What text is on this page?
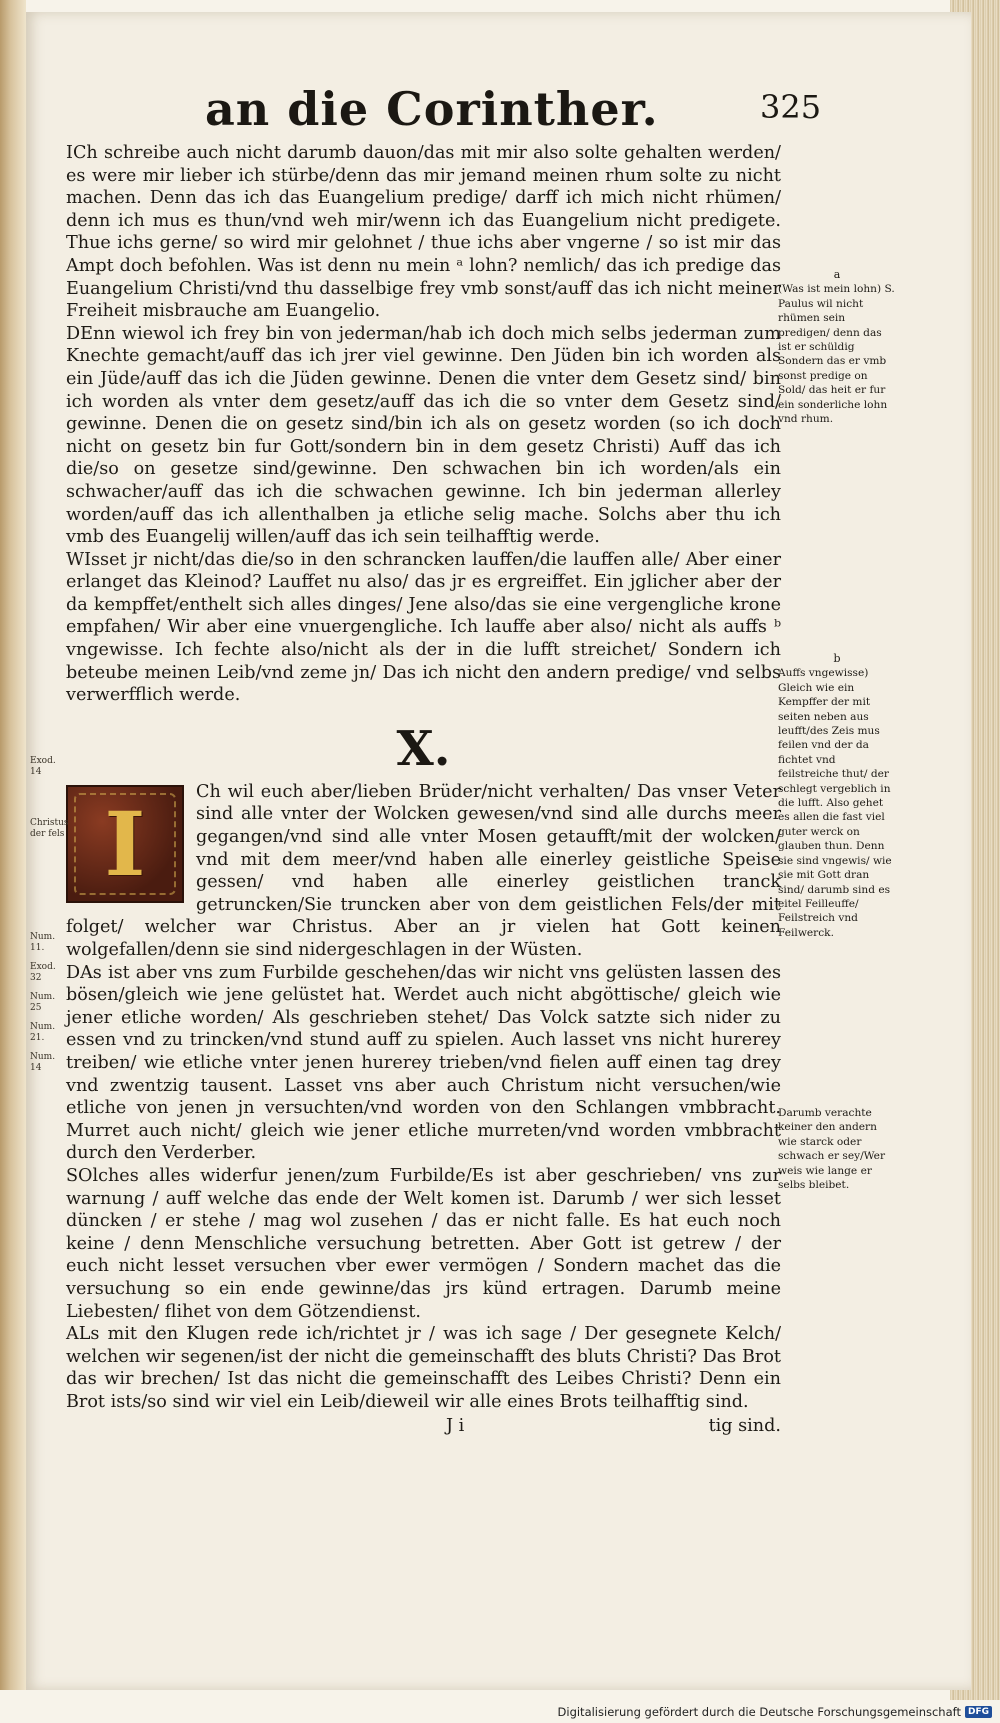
an die Corinther.	325

ICh schreibe auch nicht darumb dauon/das mit mir also solte gehalten werden/ es were mir lieber ich stürbe/denn das mir jemand meinen rhum solte zu nicht machen. Denn das ich das Euangelium predige/ darff ich mich nicht rhümen/ denn ich mus es thun/vnd weh mir/wenn ich das Euangelium nicht predigete. Thue ichs gerne/ so wird mir gelohnet / thue ichs aber vngerne / so ist mir das Ampt doch befohlen. Was ist denn nu mein ᵃ lohn? nemlich/ das ich predige das Euangelium Christi/vnd thu dasselbige frey vmb sonst/auff das ich nicht meiner Freiheit misbrauche am Euangelio.

DEnn wiewol ich frey bin von jederman/hab ich doch mich selbs jederman zum Knechte gemacht/auff das ich jrer viel gewinne. Den Jüden bin ich worden als ein Jüde/auff das ich die Jüden gewinne. Denen die vnter dem Gesetz sind/ bin ich worden als vnter dem gesetz/auff das ich die so vnter dem Gesetz sind/ gewinne. Denen die on gesetz sind/bin ich als on gesetz worden (so ich doch nicht on gesetz bin fur Gott/sondern bin in dem gesetz Christi) Auff das ich die/so on gesetze sind/gewinne. Den schwachen bin ich worden/als ein schwacher/auff das ich die schwachen gewinne. Ich bin jederman allerley worden/auff das ich allenthalben ja etliche selig mache. Solchs aber thu ich vmb des Euangelij willen/auff das ich sein teilhafftig werde.

WIsset jr nicht/das die/so in den schrancken lauffen/die lauffen alle/ Aber einer erlanget das Kleinod? Lauffet nu also/ das jr es ergreiffet. Ein jglicher aber der da kempffet/enthelt sich alles dinges/ Jene also/das sie eine vergengliche krone empfahen/ Wir aber eine vnuergengliche. Ich lauffe aber also/ nicht als auffs ᵇ vngewisse. Ich fechte also/nicht als der in die lufft streichet/ Sondern ich beteube meinen Leib/vnd zeme jn/ Das ich nicht den andern predige/ vnd selbs verwerfflich werde.

X.
I	Ch wil euch aber/lieben Brüder/nicht verhalten/ Das vnser Veter sind alle vnter der Wolcken gewesen/vnd sind alle durchs meer gegangen/vnd sind alle vnter Mosen getaufft/mit der wolcken/ vnd mit dem meer/vnd haben alle einerley geistliche Speise gessen/ vnd haben alle einerley geistlichen tranck getruncken/Sie truncken aber von dem geistlichen Fels/der mit folget/ welcher war Christus. Aber an jr vielen hat Gott keinen wolgefallen/denn sie sind nidergeschlagen in der Wüsten.

DAs ist aber vns zum Furbilde geschehen/das wir nicht vns gelüsten lassen des bösen/gleich wie jene gelüstet hat. Werdet auch nicht abgöttische/ gleich wie jener etliche worden/ Als geschrieben stehet/ Das Volck satzte sich nider zu essen vnd zu trincken/vnd stund auff zu spielen. Auch lasset vns nicht hurerey treiben/ wie etliche vnter jenen hurerey trieben/vnd fielen auff einen tag drey vnd zwentzig tausent. Lasset vns aber auch Christum nicht versuchen/wie etliche von jenen jn versuchten/vnd worden von den Schlangen vmbbracht. Murret auch nicht/ gleich wie jener etliche murreten/vnd worden vmbbracht durch den Verderber.

SOlches alles widerfur jenen/zum Furbilde/Es ist aber geschrieben/ vns zur warnung / auff welche das ende der Welt komen ist. Darumb / wer sich lesset düncken / er stehe / mag wol zusehen / das er nicht falle. Es hat euch noch keine / denn Menschliche versuchung betretten. Aber Gott ist getrew / der euch nicht lesset versuchen vber ewer vermögen / Sondern machet das die versuchung so ein ende gewinne/das jrs künd ertragen. Darumb meine Liebesten/ flihet von dem Götzendienst.

ALs mit den Klugen rede ich/richtet jr / was ich sage / Der gesegnete Kelch/ welchen wir segenen/ist der nicht die gemeinschafft des bluts Christi? Das Brot das wir brechen/ Ist das nicht die gemeinschafft des Leibes Christi? Denn ein Brot ists/so sind wir viel ein Leib/dieweil wir alle eines Brots teilhafftig sind.

J i	tig sind.
a
(Was ist mein lohn) S. Paulus wil nicht rhümen sein predigen/ denn das ist er schüldig Sondern das er vmb sonst predige on Sold/ das heit er fur ein sonderliche lohn vnd rhum.
b
Auffs vngewisse) Gleich wie ein Kempffer der mit seiten neben aus leufft/des Zeis mus feilen vnd der da fichtet vnd feilstreiche thut/ der schlegt vergeblich in die lufft. Also gehet es allen die fast viel guter werck on glauben thun. Denn sie sind vngewis/ wie sie mit Gott dran sind/ darumb sind es eitel Feilleuffe/ Feilstreich vnd Feilwerck.
Darumb verachte keiner den andern wie starck oder schwach er sey/Wer weis wie lange er selbs bleibet.
Exod. 14
Christus der fels
Num. 11.
Exod. 32
Num. 25
Num. 21.
Num. 14
Digitalisierung gefördert durch die Deutsche Forschungsgemeinschaft DFG
